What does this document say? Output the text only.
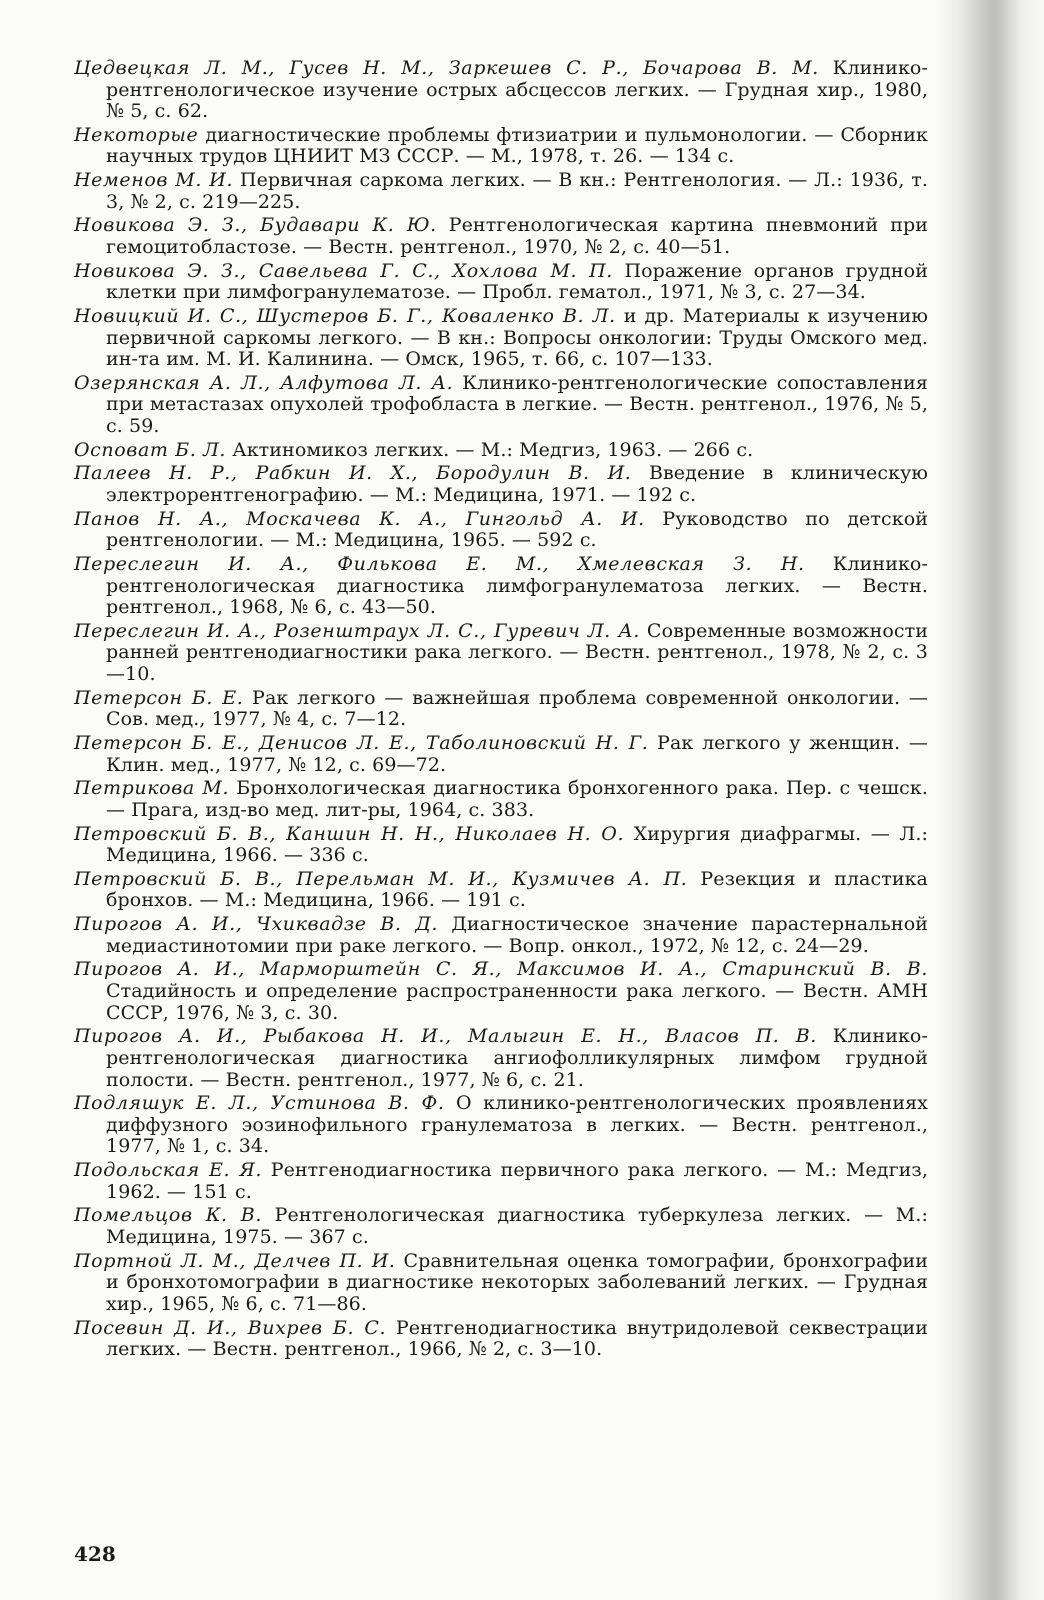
Цедвецкая Л. М., Гусев Н. М., Заркешев С. Р., Бочарова В. М. Клинико-рентгенологическое изучение острых абсцессов легких. — Грудная хир., 1980, № 5, с. 62.
Некоторые диагностические проблемы фтизиатрии и пульмонологии. — Сборник научных трудов ЦНИИТ МЗ СССР. — М., 1978, т. 26. — 134 с.
Неменов М. И. Первичная саркома легких. — В кн.: Рентгенология. — Л.: 1936, т. 3, № 2, с. 219—225.
Новикова Э. З., Будавари К. Ю. Рентгенологическая картина пневмоний при гемоцитобластозе. — Вестн. рентгенол., 1970, № 2, с. 40—51.
Новикова Э. З., Савельева Г. С., Хохлова М. П. Поражение органов грудной клетки при лимфогранулематозе. — Пробл. гематол., 1971, № 3, с. 27—34.
Новицкий И. С., Шустеров Б. Г., Коваленко В. Л. и др. Материалы к изучению первичной саркомы легкого. — В кн.: Вопросы онкологии: Труды Омского мед. ин-та им. М. И. Калинина. — Омск, 1965, т. 66, с. 107—133.
Озерянская А. Л., Алфутова Л. А. Клинико-рентгенологические сопоставления при метастазах опухолей трофобласта в легкие. — Вестн. рентгенол., 1976, № 5, с. 59.
Осповат Б. Л. Актиномикоз легких. — М.: Медгиз, 1963. — 266 с.
Палеев Н. Р., Рабкин И. Х., Бородулин В. И. Введение в клиническую электрорентгенографию. — М.: Медицина, 1971. — 192 с.
Панов Н. А., Москачева К. А., Гингольд А. И. Руководство по детской рентгенологии. — М.: Медицина, 1965. — 592 с.
Переслегин И. А., Филькова Е. М., Хмелевская З. Н. Клинико-рентгенологическая диагностика лимфогранулематоза легких. — Вестн. рентгенол., 1968, № 6, с. 43—50.
Переслегин И. А., Розенштраух Л. С., Гуревич Л. А. Современные возможности ранней рентгенодиагностики рака легкого. — Вестн. рентгенол., 1978, № 2, с. 3—10.
Петерсон Б. Е. Рак легкого — важнейшая проблема современной онкологии. — Сов. мед., 1977, № 4, с. 7—12.
Петерсон Б. Е., Денисов Л. Е., Таболиновский Н. Г. Рак легкого у женщин. — Клин. мед., 1977, № 12, с. 69—72.
Петрикова М. Бронхологическая диагностика бронхогенного рака. Пер. с чешск. — Прага, изд-во мед. лит-ры, 1964, с. 383.
Петровский Б. В., Каншин Н. Н., Николаев Н. О. Хирургия диафрагмы. — Л.: Медицина, 1966. — 336 с.
Петровский Б. В., Перельман М. И., Кузмичев А. П. Резекция и пластика бронхов. — М.: Медицина, 1966. — 191 с.
Пирогов А. И., Чхиквадзе В. Д. Диагностическое значение парастернальной медиастинотомии при раке легкого. — Вопр. онкол., 1972, № 12, с. 24—29.
Пирогов А. И., Марморштейн С. Я., Максимов И. А., Старинский В. В. Стадийность и определение распространенности рака легкого. — Вестн. АМН СССР, 1976, № 3, с. 30.
Пирогов А. И., Рыбакова Н. И., Малыгин Е. Н., Власов П. В. Клинико-рентгенологическая диагностика ангиофолликулярных лимфом грудной полости. — Вестн. рентгенол., 1977, № 6, с. 21.
Подляшук Е. Л., Устинова В. Ф. О клинико-рентгенологических проявлениях диффузного эозинофильного гранулематоза в легких. — Вестн. рентгенол., 1977, № 1, с. 34.
Подольская Е. Я. Рентгенодиагностика первичного рака легкого. — М.: Медгиз, 1962. — 151 с.
Помельцов К. В. Рентгенологическая диагностика туберкулеза легких. — М.: Медицина, 1975. — 367 с.
Портной Л. М., Делчев П. И. Сравнительная оценка томографии, бронхографии и бронхотомографии в диагностике некоторых заболеваний легких. — Грудная хир., 1965, № 6, с. 71—86.
Посевин Д. И., Вихрев Б. С. Рентгенодиагностика внутридолевой секвестрации легких. — Вестн. рентгенол., 1966, № 2, с. 3—10.
428
